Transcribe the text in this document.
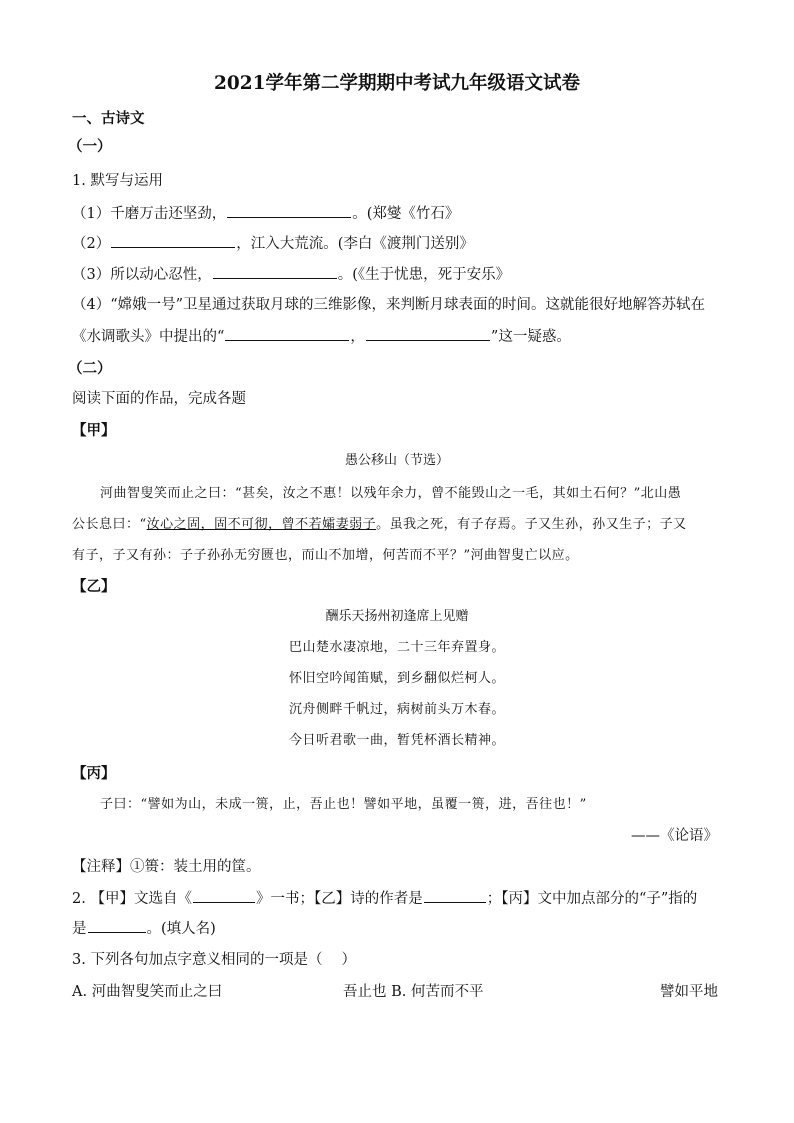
2021学年第二学期期中考试九年级语文试卷
一、古诗文
（一）
1. 默写与运用
（1）千磨万击还坚劲，	。(郑燮《竹石》
（2）	，江入大荒流。(李白《渡荆门送别》
（3）所以动心忍性，	。(《生于忧患，死于安乐》
（4）“嫦娥一号”卫星通过获取月球的三维影像，来判断月球表面的时间。这就能很好地解答苏轼在
《水调歌头》中提出的“	，	”这一疑惑。
（二）
阅读下面的作品，完成各题
【甲】
愚公移山（节选）
河曲智叟笑而止之曰：“甚矣，汝之不惠！以残年余力，曾不能毁山之一毛，其如土石何？”北山愚
公长息曰：“汝心之固，固不可彻，曾不若孀妻弱子。虽我之死，有子存焉。子又生孙，孙又生子；子又
有子，子又有孙：子子孙孙无穷匮也，而山不加增，何苦而不平？”河曲智叟亡以应。
【乙】
酬乐天扬州初逢席上见赠
巴山楚水凄凉地，二十三年弃置身。
怀旧空吟闻笛赋，到乡翻似烂柯人。
沉舟侧畔千帆过，病树前头万木春。
今日听君歌一曲，暂凭杯酒长精神。
【丙】
子曰：“譬如为山，未成一篑，止，吾止也！譬如平地，虽覆一篑，进，吾往也！”
——《论语》
【注释】①篑：装土用的筐。
2. 【甲】文选自《	》一书；【乙】诗的作者是	；【丙】文中加点部分的“子”指的
是	。(填人名)
3. 下列各句加点字意义相同的一项是（　 ）
A. 河曲智叟笑而止之曰	吾止也 B. 何苦而不平	譬如平地
